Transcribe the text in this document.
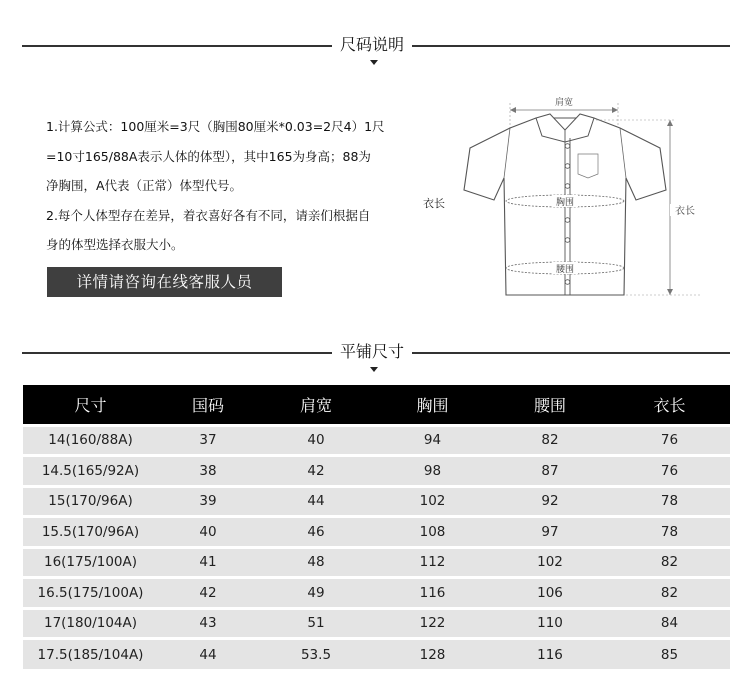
尺码说明

1.计算公式：100厘米=3尺（胸围80厘米*0.03=2尺4）1尺

=10寸165/88A表示人体的体型），其中165为身高；88为

净胸围，A代表（正常）体型代号。

2.每个人体型存在差异，着衣喜好各有不同，请亲们根据自

身的体型选择衣服大小。

详情请咨询在线客服人员
肩宽
胸围
腰围
衣长
衣长
平铺尺寸
尺寸	国码	肩宽	胸围	腰围	衣长
14(160/88A)	37	40	94	82	76
14.5(165/92A)	38	42	98	87	76
15(170/96A)	39	44	102	92	78
15.5(170/96A)	40	46	108	97	78
16(175/100A)	41	48	112	102	82
16.5(175/100A)	42	49	116	106	82
17(180/104A)	43	51	122	110	84
17.5(185/104A)	44	53.5	128	116	85
